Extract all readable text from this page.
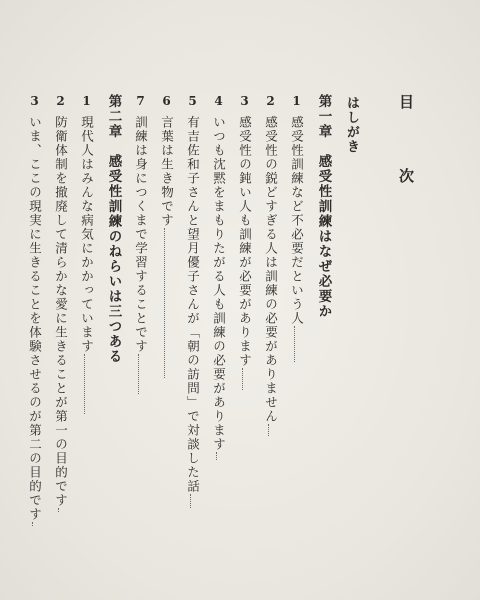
目　次
はしがき
第一章　感受性訓練はなぜ必要か
1感受性訓練など不必要だという人
2感受性の鋭どすぎる人は訓練の必要がありません
3感受性の鈍い人も訓練が必要があります
4いつも沈黙をまもりたがる人も訓練の必要があります
5有吉佐和子さんと望月優子さんが「朝の訪問」で対談した話
6言葉は生き物です
7訓練は身につくまで学習することです
第二章　感受性訓練のねらいは三つある
1現代人はみんな病気にかかっています
2防衛体制を撤廃して清らかな愛に生きることが第一の目的です
3いま、ここの現実に生きることを体験させるのが第二の目的です
